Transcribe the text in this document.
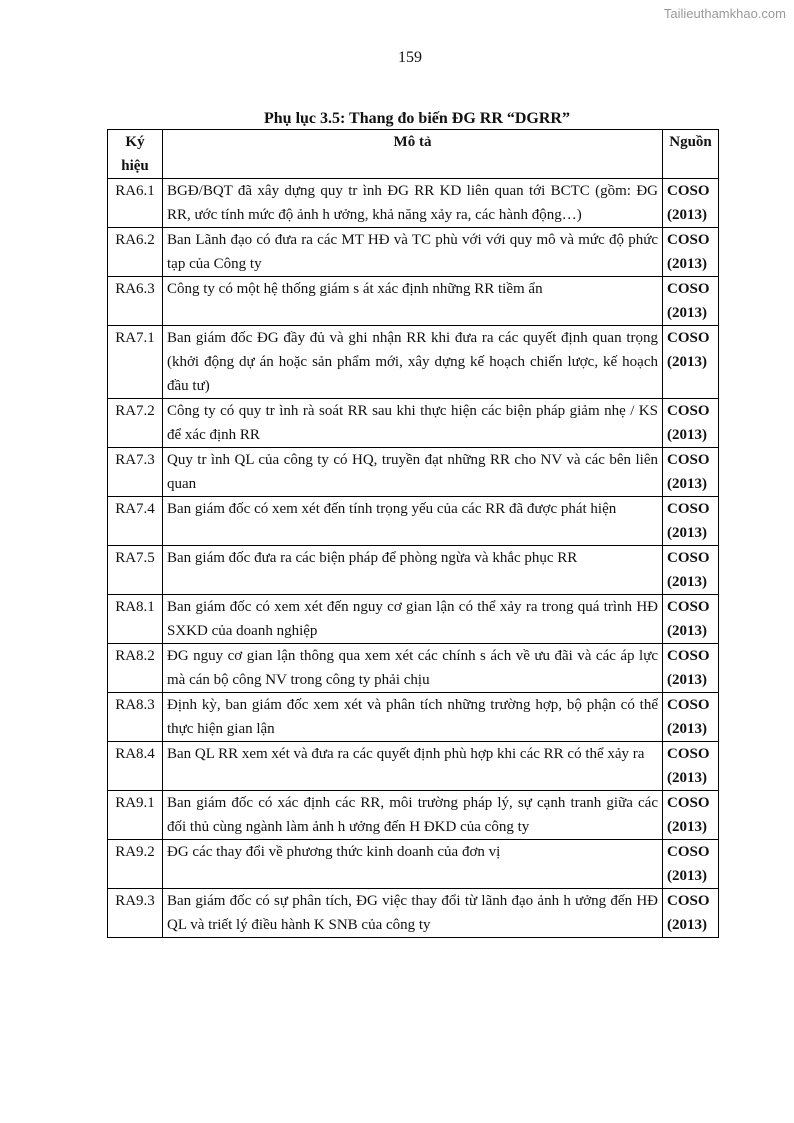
Tailieuthamkhao.com
159
Phụ lục 3.5: Thang đo biến ĐG RR “DGRR”
Ký
hiệu	Mô tả	Nguồn
RA6.1	BGĐ/BQT đã xây dựng quy tr ình ĐG RR KD liên quan tới BCTC (gồm: ĐG RR, ước tính mức độ ảnh h ưởng, khả năng xảy ra, các hành động…)	COSO
(2013)

RA6.2	Ban Lãnh đạo có đưa ra các MT HĐ và TC phù với với quy mô và mức độ phức tạp của Công ty	COSO
(2013)

RA6.3	Công ty có một hệ thống giám s át xác định những RR tiềm ẩn	COSO
(2013)

RA7.1	Ban giám đốc ĐG đầy đủ và ghi nhận RR khi đưa ra các quyết định quan trọng (khởi động dự án hoặc sản phẩm mới, xây dựng kế hoạch chiến lược, kế hoạch đầu tư)	COSO
(2013)

RA7.2	Công ty có quy tr ình rà soát RR sau khi thực hiện các biện pháp giảm nhẹ / KS để xác định RR	COSO
(2013)

RA7.3	Quy tr ình QL của công ty có HQ, truyền đạt những RR cho NV và các bên liên quan	COSO
(2013)

RA7.4	Ban giám đốc có xem xét đến tính trọng yếu của các RR đã được phát hiện	COSO
(2013)

RA7.5	Ban giám đốc đưa ra các biện pháp để phòng ngừa và khắc phục RR	COSO
(2013)

RA8.1	Ban giám đốc có xem xét đến nguy cơ gian lận có thể xảy ra trong quá trình HĐ SXKD của doanh nghiệp	COSO
(2013)

RA8.2	ĐG nguy cơ gian lận thông qua xem xét các chính s ách về ưu đãi và các áp lực mà cán bộ công NV trong công ty phải chịu	COSO
(2013)

RA8.3	Định kỳ, ban giám đốc xem xét và phân tích những trường hợp, bộ phận có thể thực hiện gian lận	COSO
(2013)

RA8.4	Ban QL RR xem xét và đưa ra các quyết định phù hợp khi các RR có thể xảy ra	COSO
(2013)

RA9.1	Ban giám đốc có xác định các RR, môi trường pháp lý, sự cạnh tranh giữa các đối thủ cùng ngành làm ảnh h ưởng đến H ĐKD của công ty	COSO
(2013)

RA9.2	ĐG các thay đổi về phương thức kinh doanh của đơn vị	COSO
(2013)

RA9.3	Ban giám đốc có sự phân tích, ĐG việc thay đổi từ lãnh đạo ảnh h ưởng đến HĐ QL và triết lý điều hành K SNB của công ty	COSO
(2013)
